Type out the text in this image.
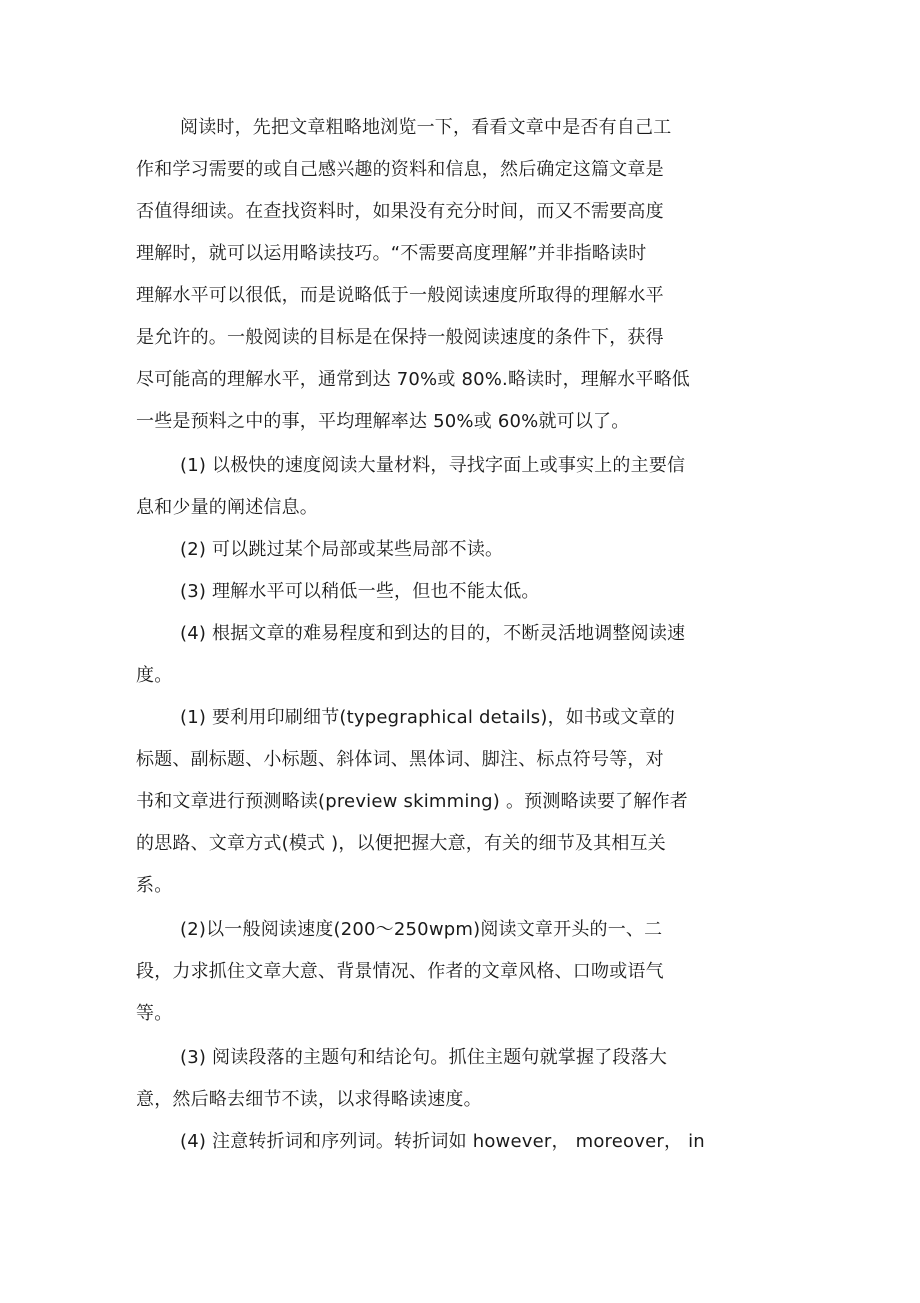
阅读时，先把文章粗略地浏览一下，看看文章中是否有自己工
作和学习需要的或自己感兴趣的资料和信息，然后确定这篇文章是
否值得细读。在查找资料时，如果没有充分时间，而又不需要高度
理解时，就可以运用略读技巧。“不需要高度理解”并非指略读时
理解水平可以很低，而是说略低于一般阅读速度所取得的理解水平
是允许的。一般阅读的目标是在保持一般阅读速度的条件下，获得
尽可能高的理解水平，通常到达 70%或 80%.略读时，理解水平略低
一些是预料之中的事，平均理解率达 50%或 60%就可以了。
(1) 以极快的速度阅读大量材料，寻找字面上或事实上的主要信
息和少量的阐述信息。
(2) 可以跳过某个局部或某些局部不读。
(3) 理解水平可以稍低一些，但也不能太低。
(4) 根据文章的难易程度和到达的目的，不断灵活地调整阅读速
度。
(1) 要利用印刷细节(typegraphical details)，如书或文章的
标题、副标题、小标题、斜体词、黑体词、脚注、标点符号等，对
书和文章进行预测略读(preview skimming) 。预测略读要了解作者
的思路、文章方式(模式 )，以便把握大意，有关的细节及其相互关
系。
(2)以一般阅读速度(200～250wpm)阅读文章开头的一、二
段，力求抓住文章大意、背景情况、作者的文章风格、口吻或语气
等。
(3) 阅读段落的主题句和结论句。抓住主题句就掌握了段落大
意，然后略去细节不读，以求得略读速度。
(4) 注意转折词和序列词。转折词如 however， moreover， in
